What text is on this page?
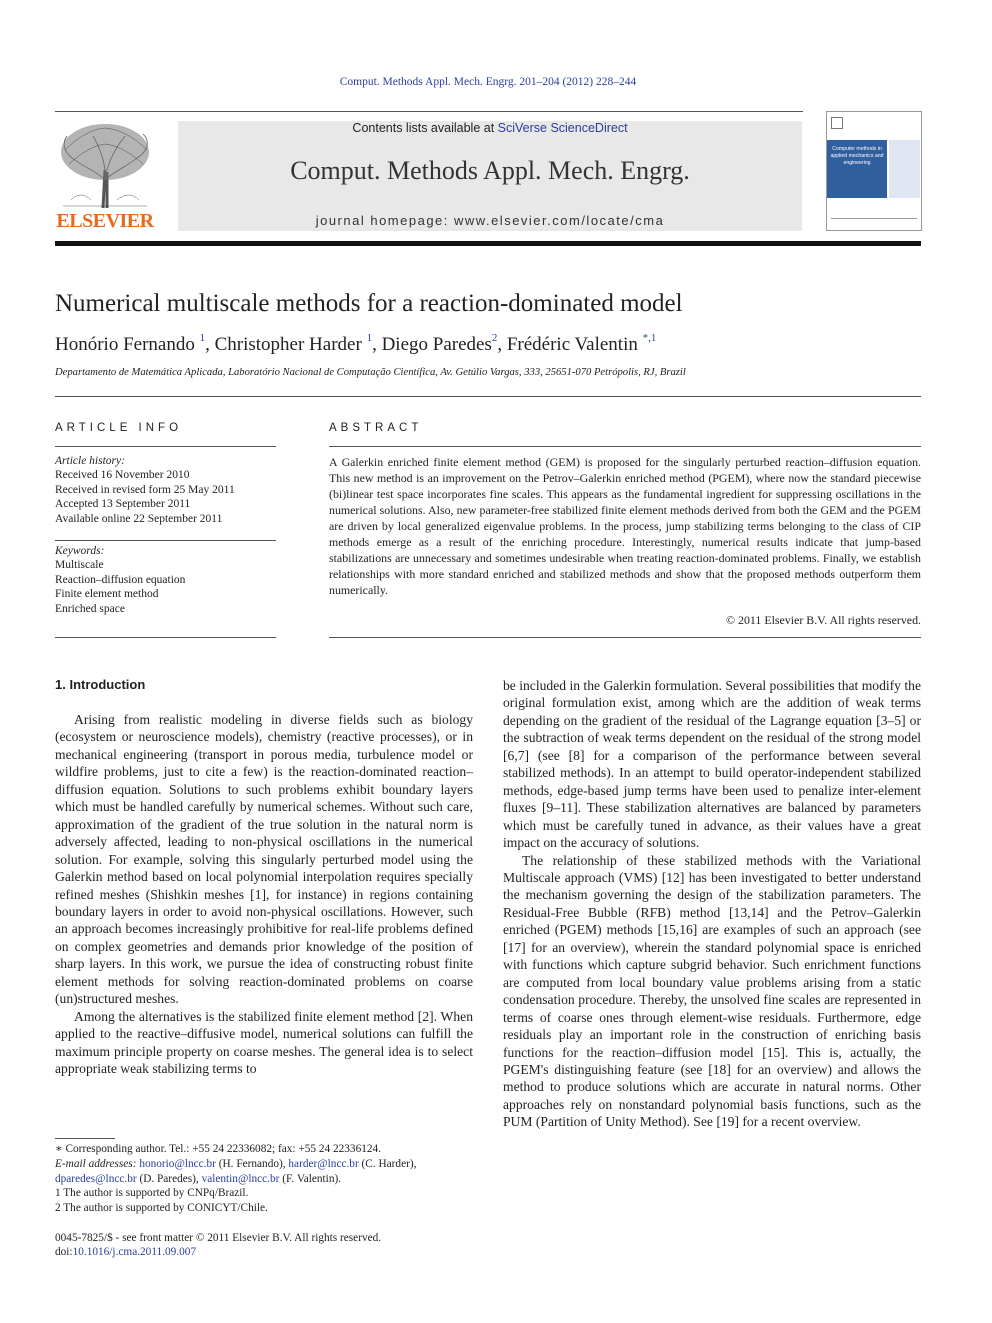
Comput. Methods Appl. Mech. Engrg. 201–204 (2012) 228–244
ELSEVIER
Contents lists available at SciVerse ScienceDirect
Comput. Methods Appl. Mech. Engrg.
journal homepage: www.elsevier.com/locate/cma
Computer methods in applied mechanics and engineering
Numerical multiscale methods for a reaction-dominated model
Honório Fernando $^1$, Christopher Harder $^1$, Diego Paredes$^2$, Frédéric Valentin $^{*,1}$
Departamento de Matemática Aplicada, Laboratório Nacional de Computação Científica, Av. Getúlio Vargas, 333, 25651-070 Petrópolis, RJ, Brazil
ARTICLE INFO
Article history:
Received 16 November 2010
Received in revised form 25 May 2011
Accepted 13 September 2011
Available online 22 September 2011
Keywords:
Multiscale
Reaction–diffusion equation
Finite element method
Enriched space
ABSTRACT
A Galerkin enriched finite element method (GEM) is proposed for the singularly perturbed reaction–diffusion equation. This new method is an improvement on the Petrov–Galerkin enriched method (PGEM), where now the standard piecewise (bi)linear test space incorporates fine scales. This appears as the fundamental ingredient for suppressing oscillations in the numerical solutions. Also, new parameter-free stabilized finite element methods derived from both the GEM and the PGEM are driven by local generalized eigenvalue problems. In the process, jump stabilizing terms belonging to the class of CIP methods emerge as a result of the enriching procedure. Interestingly, numerical results indicate that jump-based stabilizations are unnecessary and sometimes undesirable when treating reaction-dominated problems. Finally, we establish relationships with more standard enriched and stabilized methods and show that the proposed methods outperform them numerically.
© 2011 Elsevier B.V. All rights reserved.
1. Introduction

Arising from realistic modeling in diverse fields such as biology (ecosystem or neuroscience models), chemistry (reactive processes), or in mechanical engineering (transport in porous media, turbulence model or wildfire problems, just to cite a few) is the reaction-dominated reaction–diffusion equation. Solutions to such problems exhibit boundary layers which must be handled carefully by numerical schemes. Without such care, approximation of the gradient of the true solution in the natural norm is adversely affected, leading to non-physical oscillations in the numerical solution. For example, solving this singularly perturbed model using the Galerkin method based on local polynomial interpolation requires specially refined meshes (Shishkin meshes [1], for instance) in regions containing boundary layers in order to avoid non-physical oscillations. However, such an approach becomes increasingly prohibitive for real-life problems defined on complex geometries and demands prior knowledge of the position of sharp layers. In this work, we pursue the idea of constructing robust finite element methods for solving reaction-dominated problems on coarse (un)structured meshes.

Among the alternatives is the stabilized finite element method [2]. When applied to the reactive–diffusive model, numerical solutions can fulfill the maximum principle property on coarse meshes. The general idea is to select appropriate weak stabilizing terms to

be included in the Galerkin formulation. Several possibilities that modify the original formulation exist, among which are the addition of weak terms depending on the gradient of the residual of the Lagrange equation [3–5] or the subtraction of weak terms dependent on the residual of the strong model [6,7] (see [8] for a comparison of the performance between several stabilized methods). In an attempt to build operator-independent stabilized methods, edge-based jump terms have been used to penalize inter-element fluxes [9–11]. These stabilization alternatives are balanced by parameters which must be carefully tuned in advance, as their values have a great impact on the accuracy of solutions.

The relationship of these stabilized methods with the Variational Multiscale approach (VMS) [12] has been investigated to better understand the mechanism governing the design of the stabilization parameters. The Residual-Free Bubble (RFB) method [13,14] and the Petrov–Galerkin enriched (PGEM) methods [15,16] are examples of such an approach (see [17] for an overview), wherein the standard polynomial space is enriched with functions which capture subgrid behavior. Such enrichment functions are computed from local boundary value problems arising from a static condensation procedure. Thereby, the unsolved fine scales are represented in terms of coarse ones through element-wise residuals. Furthermore, edge residuals play an important role in the construction of enriching basis functions for the reaction–diffusion model [15]. This is, actually, the PGEM's distinguishing feature (see [18] for an overview) and allows the method to produce solutions which are accurate in natural norms. Other approaches rely on nonstandard polynomial basis functions, such as the PUM (Partition of Unity Method). See [19] for a recent overview.

∗ Corresponding author. Tel.: +55 24 22336082; fax: +55 24 22336124.
E-mail addresses: honorio@lncc.br (H. Fernando), harder@lncc.br (C. Harder), dparedes@lncc.br (D. Paredes), valentin@lncc.br (F. Valentin).
1 The author is supported by CNPq/Brazil.
2 The author is supported by CONICYT/Chile.
0045-7825/$ - see front matter © 2011 Elsevier B.V. All rights reserved.
doi:10.1016/j.cma.2011.09.007
